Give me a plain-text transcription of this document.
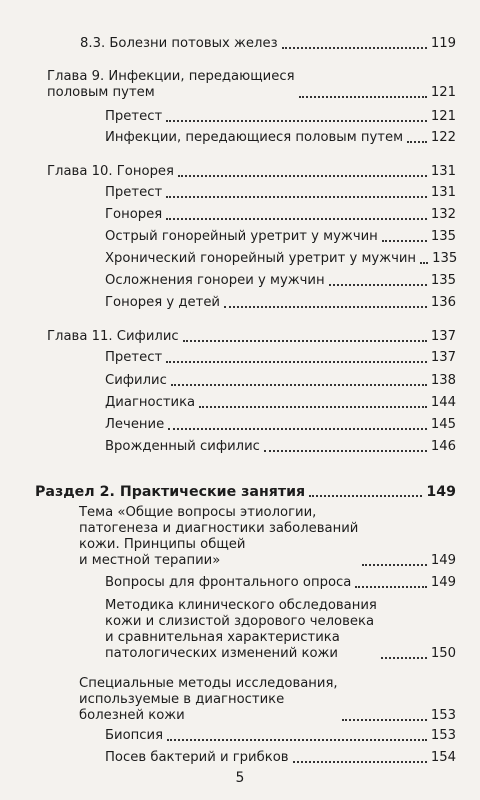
8.3. Болезни потовых желез	119
Глава 9. Инфекции, передающиеся
половым путем	121
Претест	121
Инфекции, передающиеся половым путем 122
Глава 10. Гонорея	131
Претест	131
Гонорея	132
Острый гонорейный уретрит у мужчин	135
Хронический гонорейный уретрит у мужчин 135
Осложнения гонореи у мужчин	135
Гонорея у детей	136
Глава 11. Сифилис	137
Претест	137
Сифилис	138
Диагностика	144
Лечение	145
Врожденный сифилис	146
Раздел 2. Практические занятия	149
Тема «Общие вопросы этиологии,
патогенеза и диагностики заболеваний
кожи. Принципы общей
и местной терапии»	149
Вопросы для фронтального опроса	149
Методика клинического обследования
кожи и слизистой здорового человека
и сравнительная характеристика
патологических изменений кожи	150
Специальные методы исследования,
используемые в диагностике
болезней кожи	153
Биопсия	153
Посев бактерий и грибков	154
5
